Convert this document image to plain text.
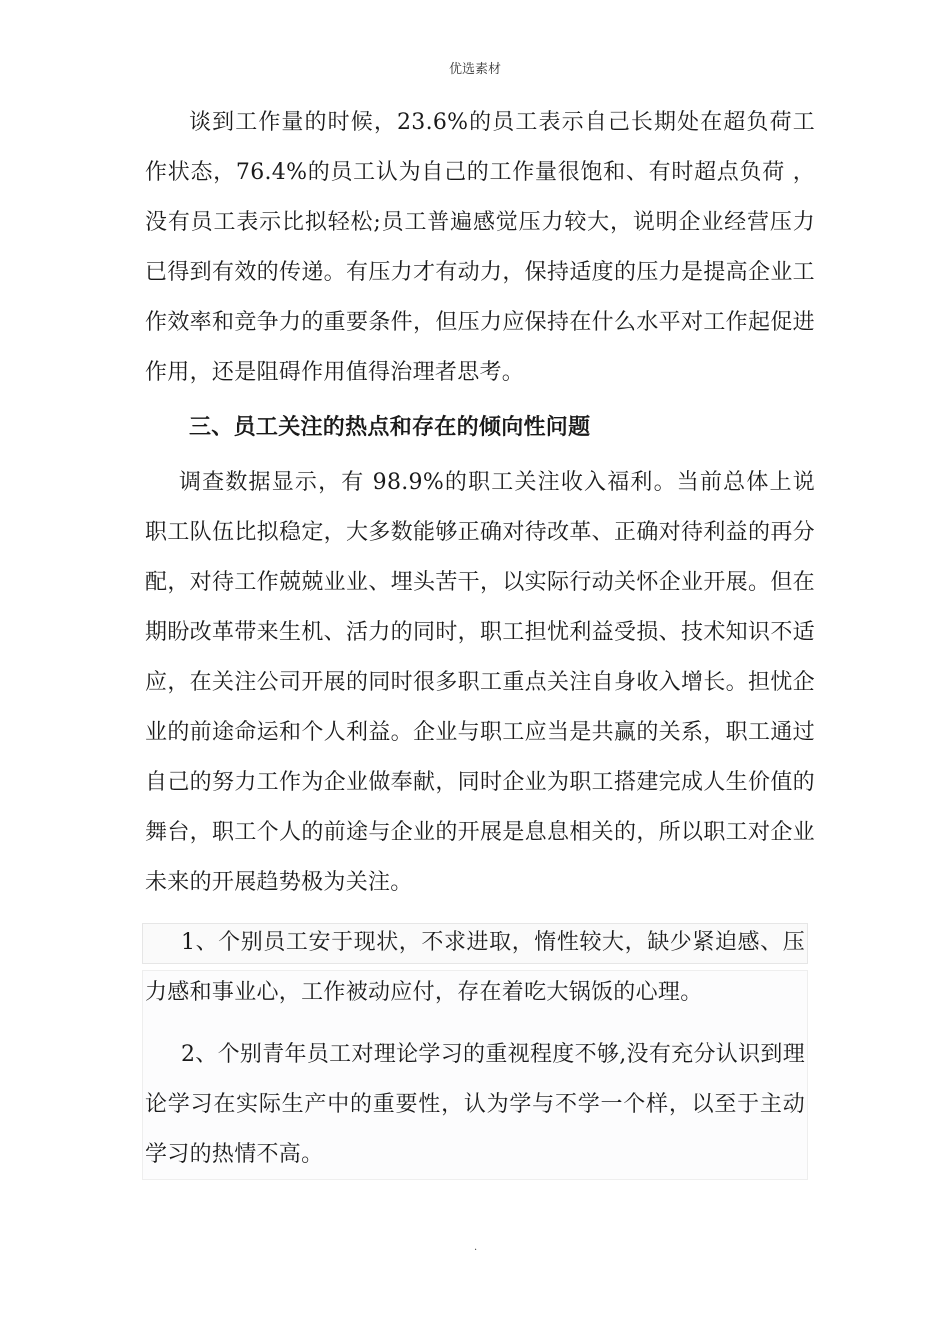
优选素材

谈到工作量的时候，23.6%的员工表示自己长期处在超负荷工作状态，76.4%的员工认为自己的工作量很饱和、有时超点负荷 ，没有员工表示比拟轻松;员工普遍感觉压力较大，说明企业经营压力已得到有效的传递。有压力才有动力，保持适度的压力是提高企业工作效率和竞争力的重要条件，但压力应保持在什么水平对工作起促进作用，还是阻碍作用值得治理者思考。

三、员工关注的热点和存在的倾向性问题

调查数据显示，有 98.9%的职工关注收入福利。当前总体上说职工队伍比拟稳定，大多数能够正确对待改革、正确对待利益的再分配，对待工作兢兢业业、埋头苦干，以实际行动关怀企业开展。但在期盼改革带来生机、活力的同时，职工担忧利益受损、技术知识不适应，在关注公司开展的同时很多职工重点关注自身收入增长。担忧企业的前途命运和个人利益。企业与职工应当是共赢的关系，职工通过自己的努力工作为企业做奉献，同时企业为职工搭建完成人生价值的舞台，职工个人的前途与企业的开展是息息相关的，所以职工对企业未来的开展趋势极为关注。

1、个别员工安于现状，不求进取，惰性较大，缺少紧迫感、压力感和事业心，工作被动应付，存在着吃大锅饭的心理。

2、个别青年员工对理论学习的重视程度不够,没有充分认识到理论学习在实际生产中的重要性，认为学与不学一个样，以至于主动学习的热情不高。

.
